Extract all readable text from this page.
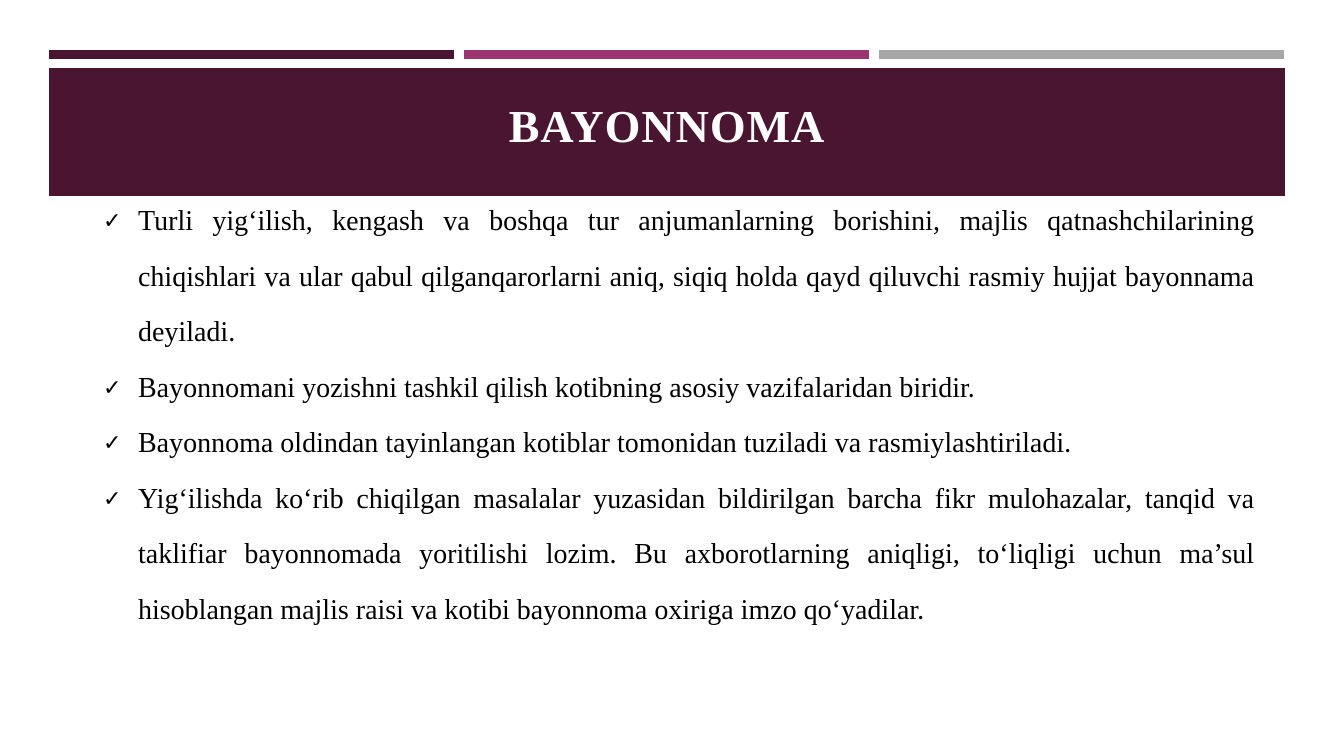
BAYONNOMA
✓ Turli yig‘ilish, kengash va boshqa tur anjumanlarning borishini, majlis qatnashchilarining chiqishlari va ular qabul qilganqarorlarni aniq, siqiq holda qayd qiluvchi rasmiy hujjat bayonnama deyiladi.
✓ Bayonnomani yozishni tashkil qilish kotibning asosiy vazifalaridan biridir.
✓ Bayonnoma oldindan tayinlangan kotiblar tomonidan tuziladi va rasmiylashtiriladi.
✓ Yig‘ilishda ko‘rib chiqilgan masalalar yuzasidan bildirilgan barcha fikr mulohazalar, tanqid va taklifiar bayonnomada yoritilishi lozim. Bu axborotlarning aniqligi, to‘liqligi uchun ma’sul hisoblangan majlis raisi va kotibi bayonnoma oxiriga imzo qo‘yadilar.
